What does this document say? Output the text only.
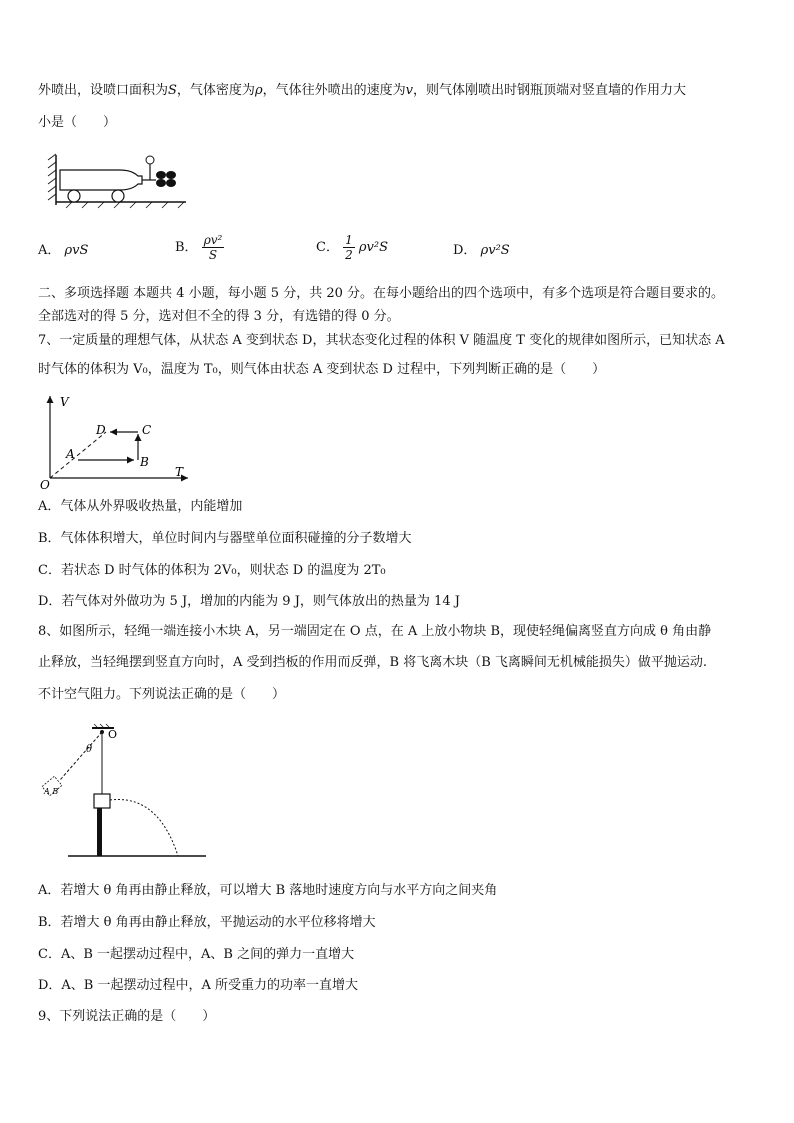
外喷出，设喷口面积为S，气体密度为ρ，气体往外喷出的速度为v，则气体刚喷出时钢瓶顶端对竖直墙的作用力大
小是（　　）
A． ρvS	B． $\frac{\text{ρv²}}{S}$	C． $\frac{1}{2} \rho v^2S$	D． ρv²S
二、多项选择题 本题共 4 小题，每小题 5 分，共 20 分。在每小题给出的四个选项中，有多个选项是符合题目要求的。
全部选对的得 5 分，选对但不全的得 3 分，有选错的得 0 分。
7、一定质量的理想气体，从状态 A 变到状态 D，其状态变化过程的体积 V 随温度 T 变化的规律如图所示，已知状态 A
时气体的体积为 V₀，温度为 T₀，则气体由状态 A 变到状态 D 过程中，下列判断正确的是（　　）
V
T
O
A
B
C
D
A．气体从外界吸收热量，内能增加
B．气体体积增大，单位时间内与器壁单位面积碰撞的分子数增大
C．若状态 D 时气体的体积为 2V₀，则状态 D 的温度为 2T₀
D．若气体对外做功为 5 J，增加的内能为 9 J，则气体放出的热量为 14 J
8、如图所示，轻绳一端连接小木块 A，另一端固定在 O 点，在 A 上放小物块 B，现使轻绳偏离竖直方向成 θ 角由静
止释放，当轻绳摆到竖直方向时，A 受到挡板的作用而反弹，B 将飞离木块（B 飞离瞬间无机械能损失）做平抛运动.
不计空气阻力。下列说法正确的是（　　）
O
θ
A B
A．若增大 θ 角再由静止释放，可以增大 B 落地时速度方向与水平方向之间夹角
B．若增大 θ 角再由静止释放，平抛运动的水平位移将增大
C．A、B 一起摆动过程中，A、B 之间的弹力一直增大
D．A、B 一起摆动过程中，A 所受重力的功率一直增大
9、下列说法正确的是（　　）
